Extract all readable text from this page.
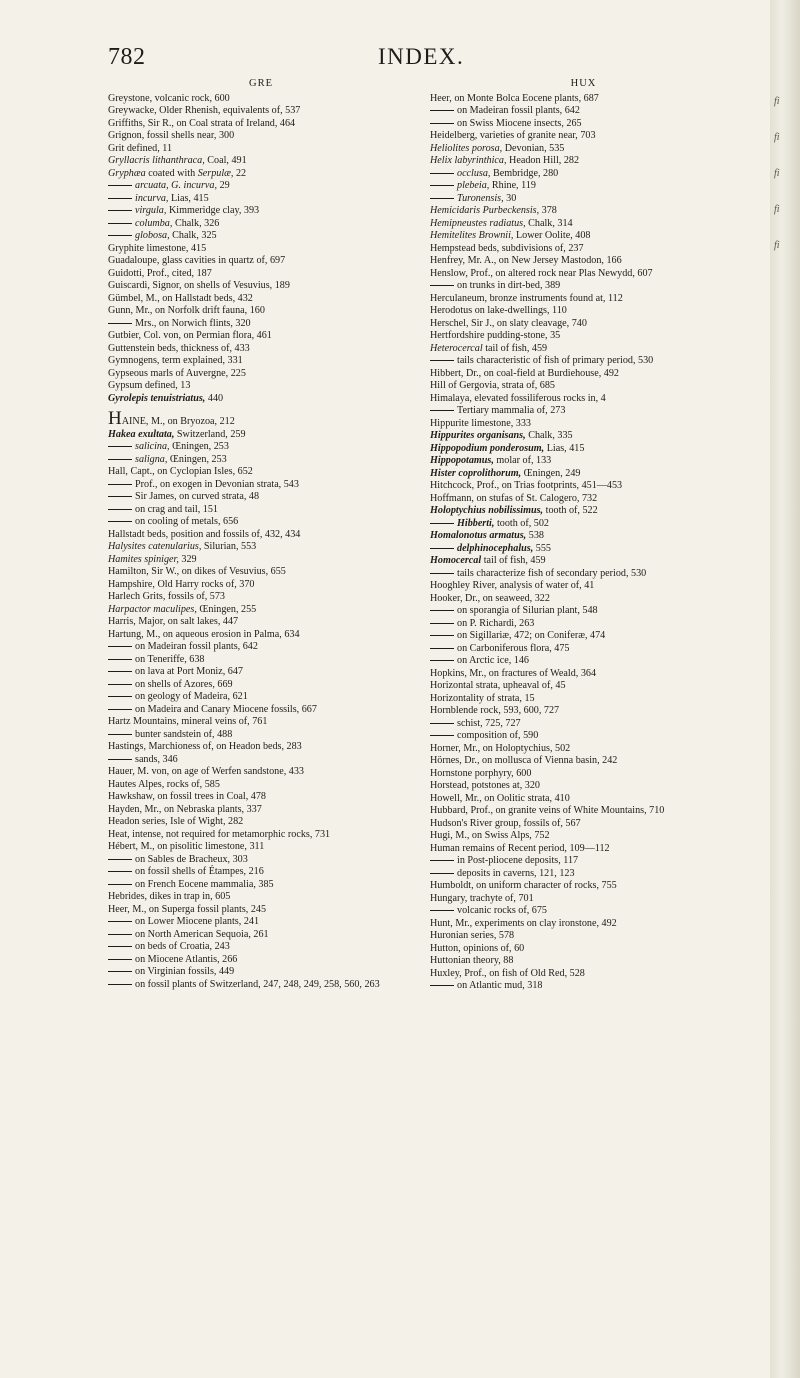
782	INDEX.
GRE
Greystone, volcanic rock, 600
Greywacke, Older Rhenish, equivalents of, 537
Griffiths, Sir R., on Coal strata of Ireland, 464
Grignon, fossil shells near, 300
Grit defined, 11
Gryllacris lithanthraca, Coal, 491
Gryphæa coated with Serpulæ, 22
arcuata, G. incurva, 29
incurva, Lias, 415
virgula, Kimmeridge clay, 393
columba, Chalk, 326
globosa, Chalk, 325
Gryphite limestone, 415
Guadaloupe, glass cavities in quartz of, 697
Guidotti, Prof., cited, 187
Guiscardi, Signor, on shells of Vesuvius, 189
Gümbel, M., on Hallstadt beds, 432
Gunn, Mr., on Norfolk drift fauna, 160
Mrs., on Norwich flints, 320
Gutbier, Col. von, on Permian flora, 461
Guttenstein beds, thickness of, 433
Gymnogens, term explained, 331
Gypseous marls of Auvergne, 225
Gypsum defined, 13
Gyrolepis tenuistriatus, 440
HAINE, M., on Bryozoa, 212
Hakea exultata, Switzerland, 259
salicina, Œningen, 253
saligna, Œningen, 253
Hall, Capt., on Cyclopian Isles, 652
Prof., on exogen in Devonian strata, 543
Sir James, on curved strata, 48
on crag and tail, 151
on cooling of metals, 656
Hallstadt beds, position and fossils of, 432, 434
Halysites catenularius, Silurian, 553
Hamites spiniger, 329
Hamilton, Sir W., on dikes of Vesuvius, 655
Hampshire, Old Harry rocks of, 370
Harlech Grits, fossils of, 573
Harpactor maculipes, Œningen, 255
Harris, Major, on salt lakes, 447
Hartung, M., on aqueous erosion in Palma, 634
on Madeiran fossil plants, 642
on Teneriffe, 638
on lava at Port Moniz, 647
on shells of Azores, 669
on geology of Madeira, 621
on Madeira and Canary Miocene fossils, 667
Hartz Mountains, mineral veins of, 761
bunter sandstein of, 488
Hastings, Marchioness of, on Headon beds, 283
sands, 346
Hauer, M. von, on age of Werfen sandstone, 433
Hautes Alpes, rocks of, 585
Hawkshaw, on fossil trees in Coal, 478
Hayden, Mr., on Nebraska plants, 337
Headon series, Isle of Wight, 282
Heat, intense, not required for metamorphic rocks, 731
Hébert, M., on pisolitic limestone, 311
on Sables de Bracheux, 303
on fossil shells of Étampes, 216
on French Eocene mammalia, 385
Hebrides, dikes in trap in, 605
Heer, M., on Superga fossil plants, 245
on Lower Miocene plants, 241
on North American Sequoia, 261
on beds of Croatia, 243
on Miocene Atlantis, 266
on Virginian fossils, 449
on fossil plants of Switzerland, 247, 248, 249, 258, 560, 263
HUX
Heer, on Monte Bolca Eocene plants, 687
on Madeiran fossil plants, 642
on Swiss Miocene insects, 265
Heidelberg, varieties of granite near, 703
Heliolites porosa, Devonian, 535
Helix labyrinthica, Headon Hill, 282
occlusa, Bembridge, 280
plebeia, Rhine, 119
Turonensis, 30
Hemicidaris Purbeckensis, 378
Hemipneustes radiatus, Chalk, 314
Hemitelites Brownii, Lower Oolite, 408
Hempstead beds, subdivisions of, 237
Henfrey, Mr. A., on New Jersey Mastodon, 166
Henslow, Prof., on altered rock near Plas Newydd, 607
on trunks in dirt-bed, 389
Herculaneum, bronze instruments found at, 112
Herodotus on lake-dwellings, 110
Herschel, Sir J., on slaty cleavage, 740
Hertfordshire pudding-stone, 35
Heterocercal tail of fish, 459
tails characteristic of fish of primary period, 530
Hibbert, Dr., on coal-field at Burdiehouse, 492
Hill of Gergovia, strata of, 685
Himalaya, elevated fossiliferous rocks in, 4
Tertiary mammalia of, 273
Hippurite limestone, 333
Hippurites organisans, Chalk, 335
Hippopodium ponderosum, Lias, 415
Hippopotamus, molar of, 133
Hister coprolithorum, Œningen, 249
Hitchcock, Prof., on Trias footprints, 451—453
Hoffmann, on stufas of St. Calogero, 732
Holoptychius nobilissimus, tooth of, 522
Hibberti, tooth of, 502
Homalonotus armatus, 538
delphinocephalus, 555
Homocercal tail of fish, 459
tails characterize fish of secondary period, 530
Hooghley River, analysis of water of, 41
Hooker, Dr., on seaweed, 322
on sporangia of Silurian plant, 548
on P. Richardi, 263
on Sigillariæ, 472; on Coniferæ, 474
on Carboniferous flora, 475
on Arctic ice, 146
Hopkins, Mr., on fractures of Weald, 364
Horizontal strata, upheaval of, 45
Horizontality of strata, 15
Hornblende rock, 593, 600, 727
schist, 725, 727
composition of, 590
Horner, Mr., on Holoptychius, 502
Hörnes, Dr., on mollusca of Vienna basin, 242
Hornstone porphyry, 600
Horstead, potstones at, 320
Howell, Mr., on Oolitic strata, 410
Hubbard, Prof., on granite veins of White Mountains, 710
Hudson's River group, fossils of, 567
Hugi, M., on Swiss Alps, 752
Human remains of Recent period, 109—112
in Post-pliocene deposits, 117
deposits in caverns, 121, 123
Humboldt, on uniform character of rocks, 755
Hungary, trachyte of, 701
volcanic rocks of, 675
Hunt, Mr., experiments on clay ironstone, 492
Huronian series, 578
Hutton, opinions of, 60
Huttonian theory, 88
Huxley, Prof., on fish of Old Red, 528
on Atlantic mud, 318
fi
fi
fi
fi
fi
